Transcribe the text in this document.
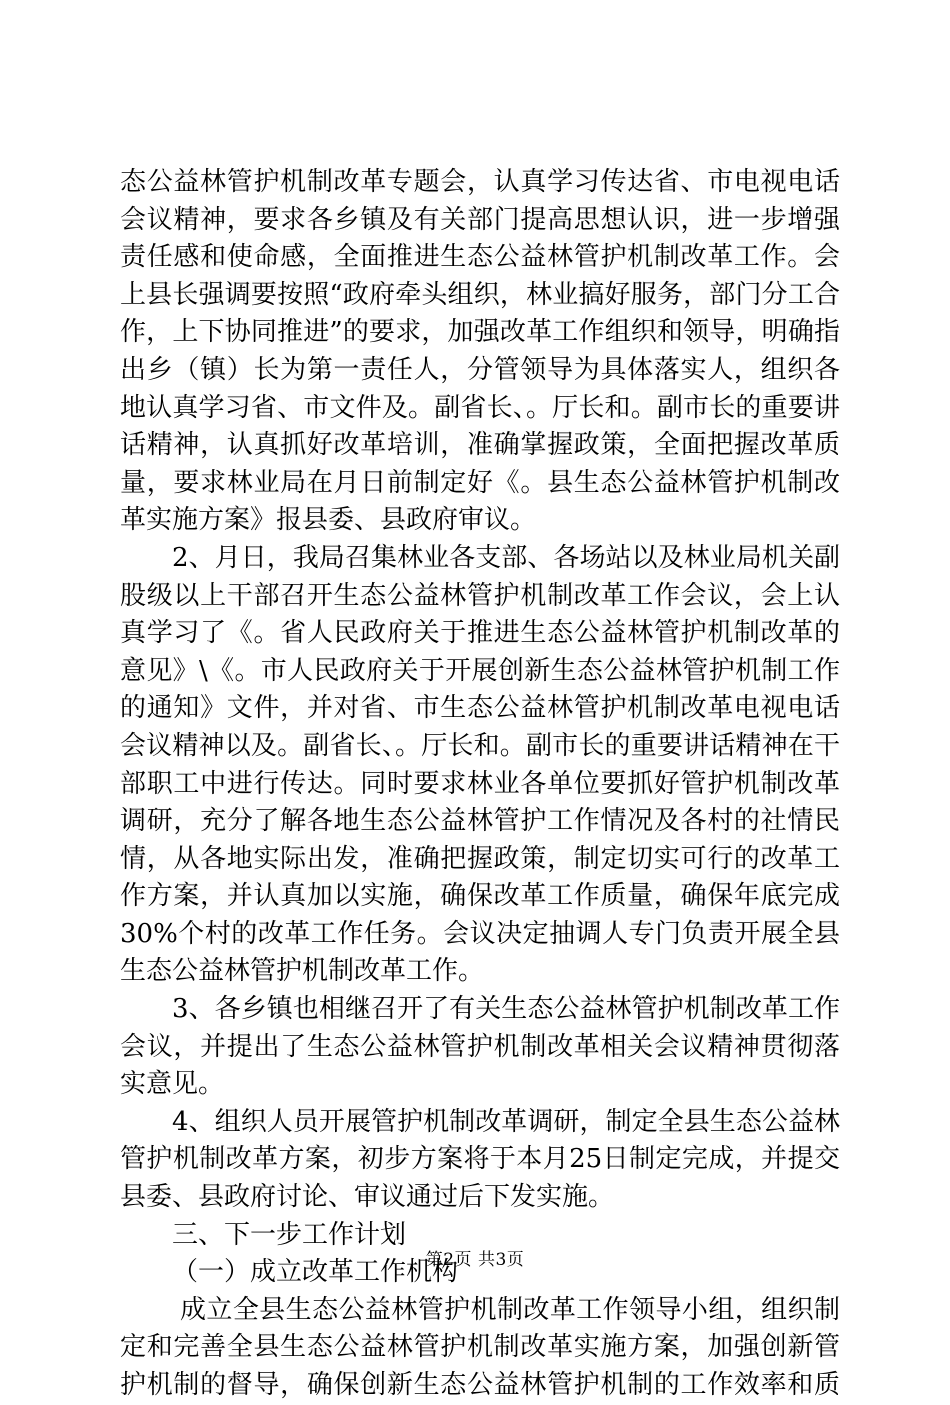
态公益林管护机制改革专题会，认真学习传达省、市电视电话会议精神，要求各乡镇及有关部门提高思想认识，进一步增强责任感和使命感，全面推进生态公益林管护机制改革工作。会上县长强调要按照“政府牵头组织，林业搞好服务，部门分工合作，上下协同推进”的要求，加强改革工作组织和领导，明确指出乡（镇）长为第一责任人，分管领导为具体落实人，组织各地认真学习省、市文件及。副省长、。厅长和。副市长的重要讲话精神，认真抓好改革培训，准确掌握政策，全面把握改革质量，要求林业局在月日前制定好《。县生态公益林管护机制改革实施方案》报县委、县政府审议。

2、月日，我局召集林业各支部、各场站以及林业局机关副股级以上干部召开生态公益林管护机制改革工作会议，会上认真学习了《。省人民政府关于推进生态公益林管护机制改革的意见》\《。市人民政府关于开展创新生态公益林管护机制工作的通知》文件，并对省、市生态公益林管护机制改革电视电话会议精神以及。副省长、。厅长和。副市长的重要讲话精神在干部职工中进行传达。同时要求林业各单位要抓好管护机制改革调研，充分了解各地生态公益林管护工作情况及各村的社情民情，从各地实际出发，准确把握政策，制定切实可行的改革工作方案，并认真加以实施，确保改革工作质量，确保年底完成30%个村的改革工作任务。会议决定抽调人专门负责开展全县生态公益林管护机制改革工作。

3、各乡镇也相继召开了有关生态公益林管护机制改革工作会议，并提出了生态公益林管护机制改革相关会议精神贯彻落实意见。

4、组织人员开展管护机制改革调研，制定全县生态公益林管护机制改革方案，初步方案将于本月25日制定完成，并提交县委、县政府讨论、审议通过后下发实施。

三、下一步工作计划

（一）成立改革工作机构

成立全县生态公益林管护机制改革工作领导小组，组织制定和完善全县生态公益林管护机制改革实施方案，加强创新管护机制的督导，确保创新生态公益林管护机制的工作效率和质

第2页 共3页
